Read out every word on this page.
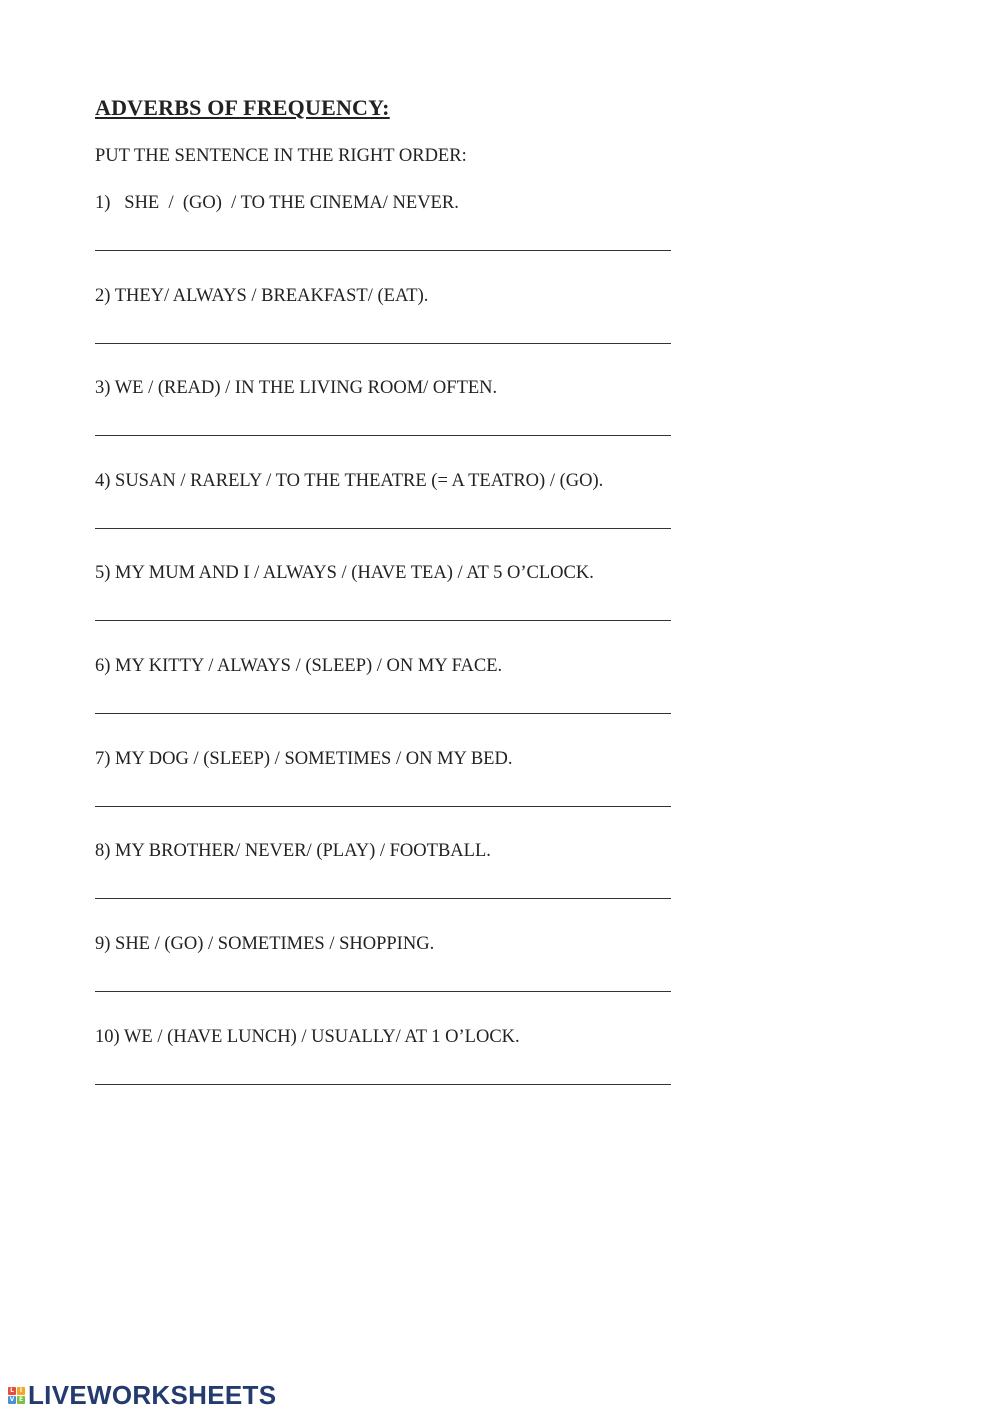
ADVERBS OF FREQUENCY:
PUT THE SENTENCE IN THE RIGHT ORDER:
1)   SHE  /  (GO)  / TO THE CINEMA/ NEVER.
2) THEY/ ALWAYS / BREAKFAST/ (EAT).
3) WE / (READ) / IN THE LIVING ROOM/ OFTEN.
4) SUSAN / RARELY / TO THE THEATRE (= A TEATRO) / (GO).
5) MY MUM AND I / ALWAYS / (HAVE TEA) / AT 5 O’CLOCK.
6) MY KITTY / ALWAYS / (SLEEP) / ON MY FACE.
7) MY DOG / (SLEEP) / SOMETIMES / ON MY BED.
8) MY BROTHER/ NEVER/ (PLAY) / FOOTBALL.
9) SHE / (GO) / SOMETIMES / SHOPPING.
10) WE / (HAVE LUNCH) / USUALLY/ AT 1 O’LOCK.
L I
V E LIVEWORKSHEETS
